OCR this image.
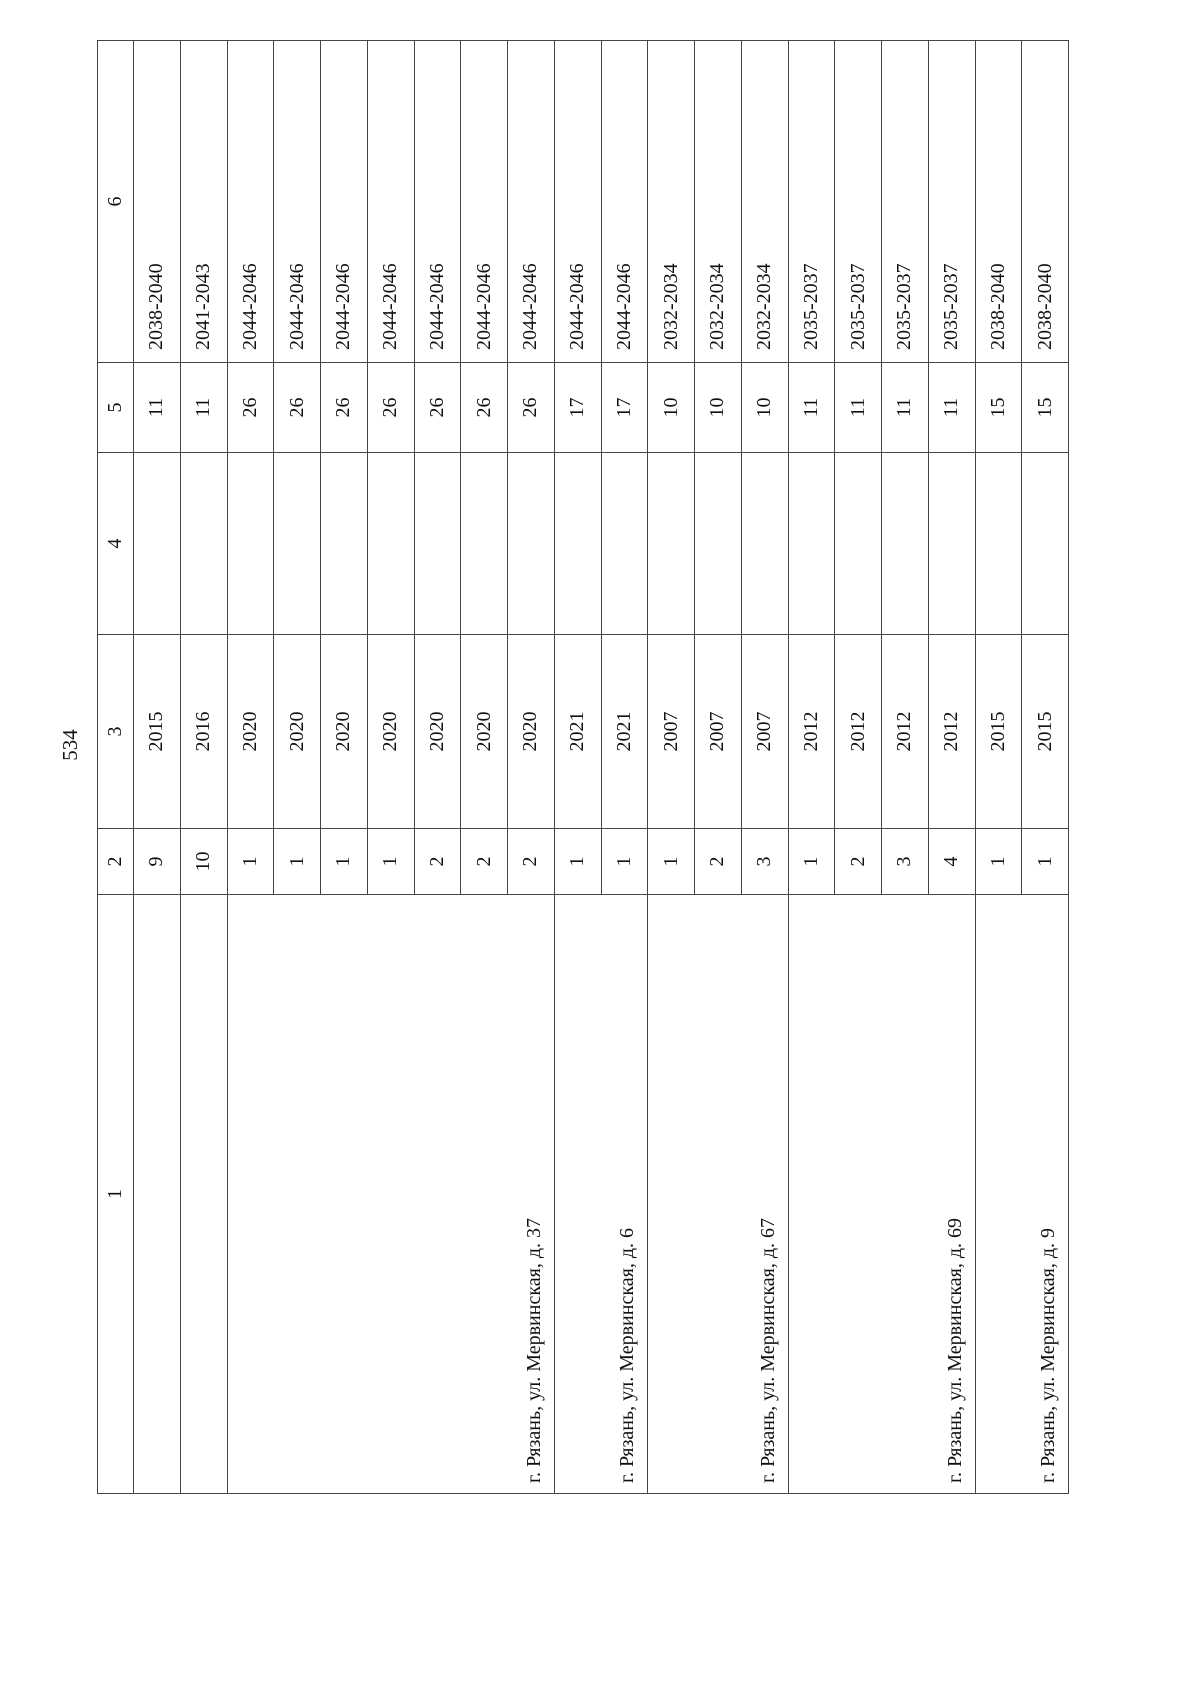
534
1	2	3	4	5	6
	9	2015		11	2038-2040
	10	2016		11	2041-2043
г. Рязань, ул. Мервинская, д. 37	1	2020		26	2044-2046
	1	2020		26	2044-2046
	1	2020		26	2044-2046
	1	2020		26	2044-2046
	2	2020		26	2044-2046
	2	2020		26	2044-2046
	2	2020		26	2044-2046
г. Рязань, ул. Мервинская, д. 6	1	2021		17	2044-2046
	1	2021		17	2044-2046
г. Рязань, ул. Мервинская, д. 67	1	2007		10	2032-2034
	2	2007		10	2032-2034
	3	2007		10	2032-2034
г. Рязань, ул. Мервинская, д. 69	1	2012		11	2035-2037
	2	2012		11	2035-2037
	3	2012		11	2035-2037
	4	2012		11	2035-2037
г. Рязань, ул. Мервинская, д. 9	1	2015		15	2038-2040
	1	2015		15	2038-2040
